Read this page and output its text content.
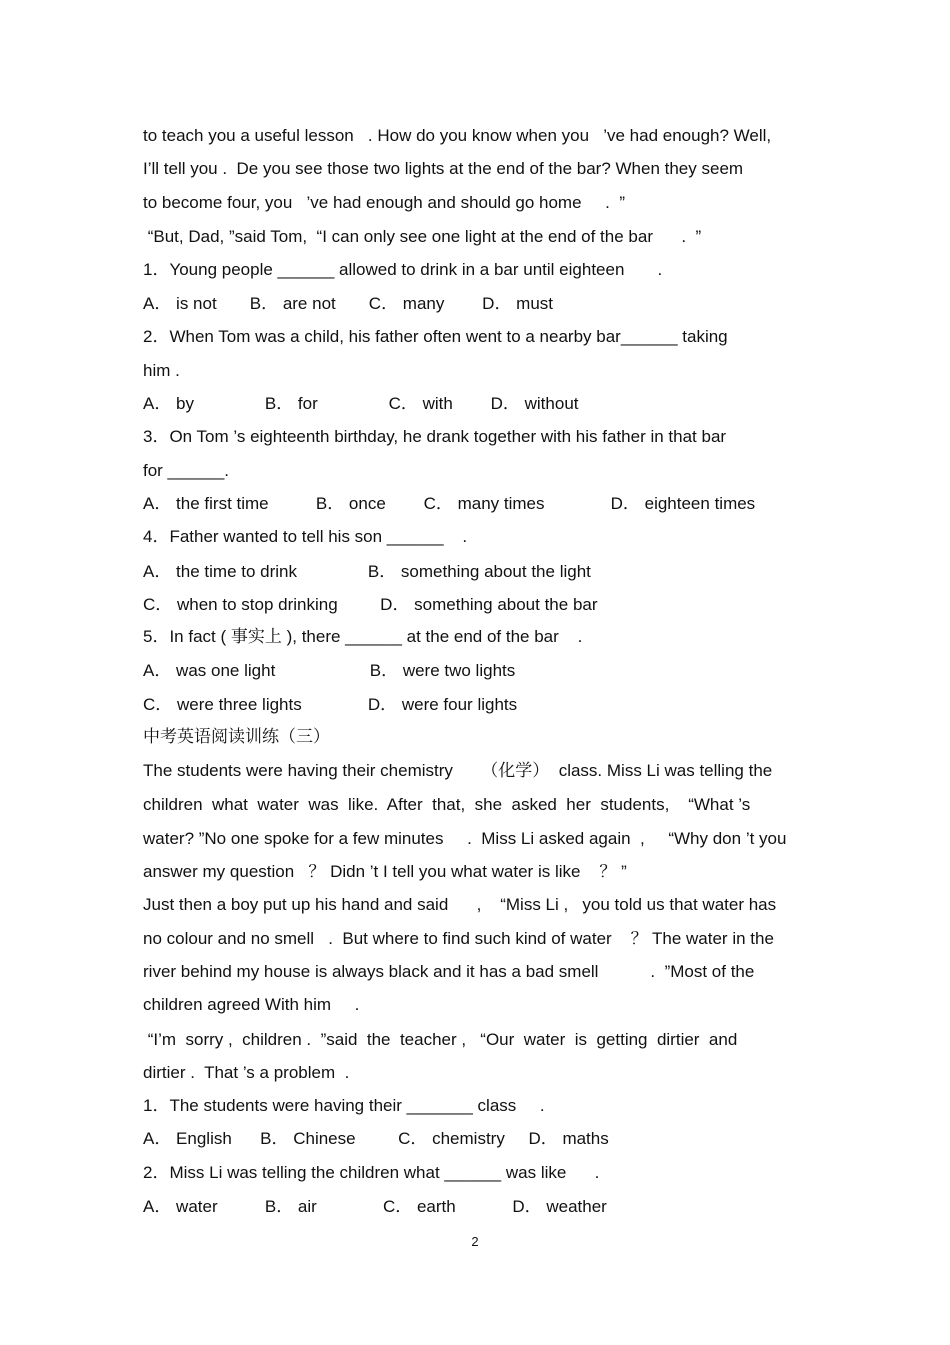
to teach you a useful lesson   . How do you know when you   ’ve had enough? Well,
I’ll tell you .  De you see those two lights at the end of the bar? When they seem
to become four, you   ’ve had enough and should go home     .  ”
“But, Dad, ”said Tom,  “I can only see one light at the end of the bar      .  ”
1．Young people ______ allowed to drink in a bar until eighteen       .
A． is not       B． are not       C． many        D． must
2．When Tom was a child, his father often went to a nearby bar______ taking
him .
A． by               B． for               C． with        D． without
3．On Tom ’s eighteenth birthday, he drank together with his father in that bar
for ______.
A． the first time          B． once        C． many times              D． eighteen times
4．Father wanted to tell his son ______    .
A． the time to drink               B． something about the light
C． when to stop drinking         D． something about the bar
5．In fact ( 事实上 ), there ______ at the end of the bar    .
A． was one light                    B． were two lights
C． were three lights              D． were four lights
中考英语阅读训练（三）
The students were having their chemistry      （化学）  class. Miss Li was telling the
children  what  water  was  like.  After  that,  she  asked  her  students,    “What ’s
water? ”No one spoke for a few minutes     .  Miss Li asked again  ,     “Why don ’t you
answer my question   ？ Didn ’t I tell you what water is like    ？ ”
Just then a boy put up his hand and said      ,    “Miss Li ,   you told us that water has
no colour and no smell   .  But where to find such kind of water    ？ The water in the
river behind my house is always black and it has a bad smell           .  ”Most of the
children agreed With him     .
“I’m  sorry ,  children .  ”said  the  teacher ,   “Our  water  is  getting  dirtier  and
dirtier .  That ’s a problem  .
1．The students were having their _______ class     .
A． English      B． Chinese         C． chemistry     D． maths
2．Miss Li was telling the children what ______ was like      .
A． water          B． air              C． earth            D． weather
2
